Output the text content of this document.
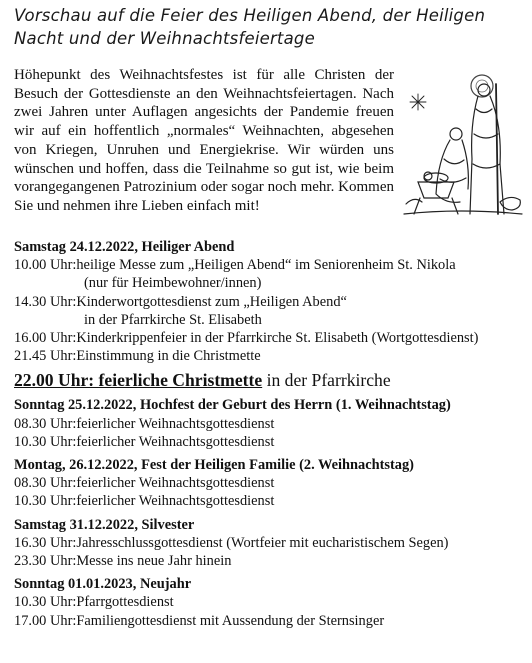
Vorschau auf die Feier des Heiligen Abend, der Heiligen
Nacht und der Weihnachtsfeiertage
Höhepunkt des Weihnachtsfestes ist für alle Christen der Besuch der Gottesdienste an den Weihnachtsfeiertagen. Nach zwei Jahren unter Auflagen angesichts der Pandemie freuen wir auf ein hoffentlich „normales“ Weihnachten, abgesehen von Kriegen, Unruhen und Energiekrise. Wir würden uns wünschen und hoffen, dass die Teilnahme so gut ist, wie beim vorangegangenen Patrozinium oder sogar noch mehr. Kommen Sie und nehmen ihre Lieben einfach mit!
Samstag 24.12.2022, Heiliger Abend
10.00 Uhr: heilige Messe zum „Heiligen Abend“ im Seniorenheim St. Nikola
(nur für Heimbewohner/innen)
14.30 Uhr: Kinderwortgottesdienst zum „Heiligen Abend“
in der Pfarrkirche St. Elisabeth
16.00 Uhr: Kinderkrippenfeier in der Pfarrkirche St. Elisabeth (Wortgottesdienst)
21.45 Uhr: Einstimmung in die Christmette
22.00 Uhr: feierliche Christmette in der Pfarrkirche
Sonntag 25.12.2022, Hochfest der Geburt des Herrn (1. Weihnachtstag)
08.30 Uhr: feierlicher Weihnachtsgottesdienst
10.30 Uhr: feierlicher Weihnachtsgottesdienst
Montag, 26.12.2022, Fest der Heiligen Familie (2. Weihnachtstag)
08.30 Uhr: feierlicher Weihnachtsgottesdienst
10.30 Uhr: feierlicher Weihnachtsgottesdienst
Samstag 31.12.2022, Silvester
16.30 Uhr: Jahresschlussgottesdienst (Wortfeier mit eucharistischem Segen)
23.30 Uhr: Messe ins neue Jahr hinein
Sonntag 01.01.2023, Neujahr
10.30 Uhr: Pfarrgottesdienst
17.00 Uhr: Familiengottesdienst mit Aussendung der Sternsinger
